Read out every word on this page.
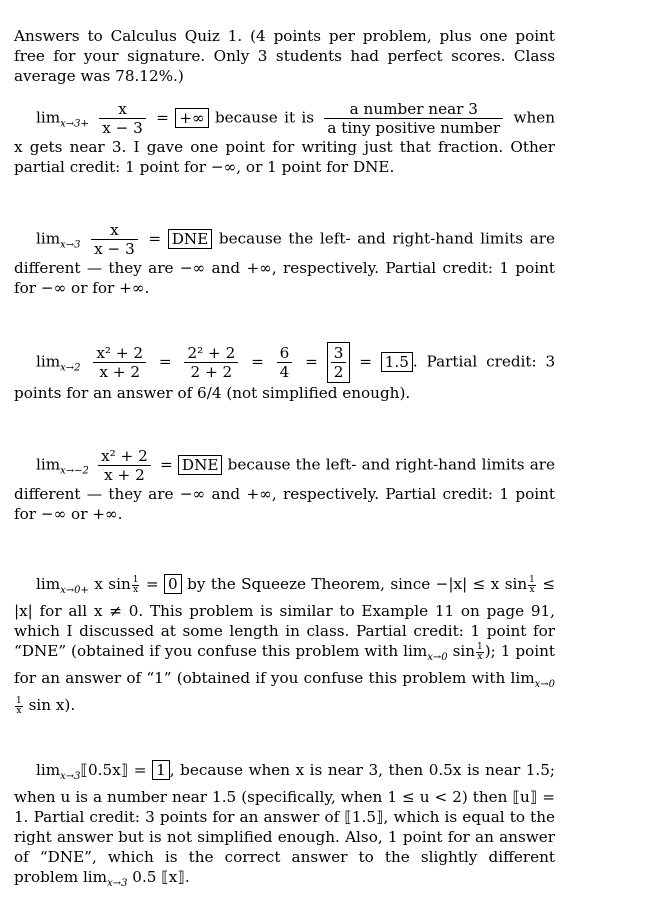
Answers to Calculus Quiz 1. (4 points per problem, plus one point free for your signature. Only 3 students had perfect scores. Class average was 78.12%.)

$\lim_{x\to 3+} \frac{x}{x - 3}$ = +∞ because it is $\frac{\text{a number near 3}}{\text{a tiny positive number}}$ when x gets near 3. I gave one point for writing just that fraction. Other partial credit: 1 point for −∞, or 1 point for DNE.

$\lim_{x\to 3} \frac{x}{x - 3}$ = DNE because the left- and right-hand limits are different — they are −∞ and +∞, respectively. Partial credit: 1 point for −∞ or for +∞.

$\lim_{x\to 2} \frac{\text{x² + 2}}{x + 2} = \frac{\text{2² + 2}}{2 + 2} = \frac{6}{4} = \frac{3}{2} = 1.5$ . Partial credit: 3 points for an answer of 6/4 (not simplified enough).

$\lim_{x\to-2} \frac{\text{x² + 2}}{x + 2}$ = DNE because the left- and right-hand limits are different — they are −∞ and +∞, respectively. Partial credit: 1 point for −∞ or +∞.

$\lim_{x\to 0+} x$ $\sin \frac{1}{x} = 0$ by the Squeeze Theorem, since −|x| ≤ x $\sin \frac{1}{x} \le |x|$ for all x ≠ 0. This problem is similar to Example 11 on page 91, which I discussed at some length in class. Partial credit: 1 point for “DNE” (obtained if you confuse this problem with $\lim_{x\to 0} \sin \frac{1}{x}$ ); 1 point for an answer of “1” (obtained if you confuse this problem with $\lim_{x\to 0}$
$\frac{1}{x}$ sin x).

$\lim_{x\to 3}⟦0.5x⟧ = 1$ , because when x is near 3, then 0.5x is near 1.5; when u is a number near 1.5 (specifically, when 1 ≤ u < 2) then ⟦u⟧ = 1. Partial credit: 3 points for an answer of ⟦1.5⟧, which is equal to the right answer but is not simplified enough. Also, 1 point for an answer of “DNE”, which is the correct answer to the slightly different problem $\lim_{x\to 3} 0.5$ ⟦x⟧.
